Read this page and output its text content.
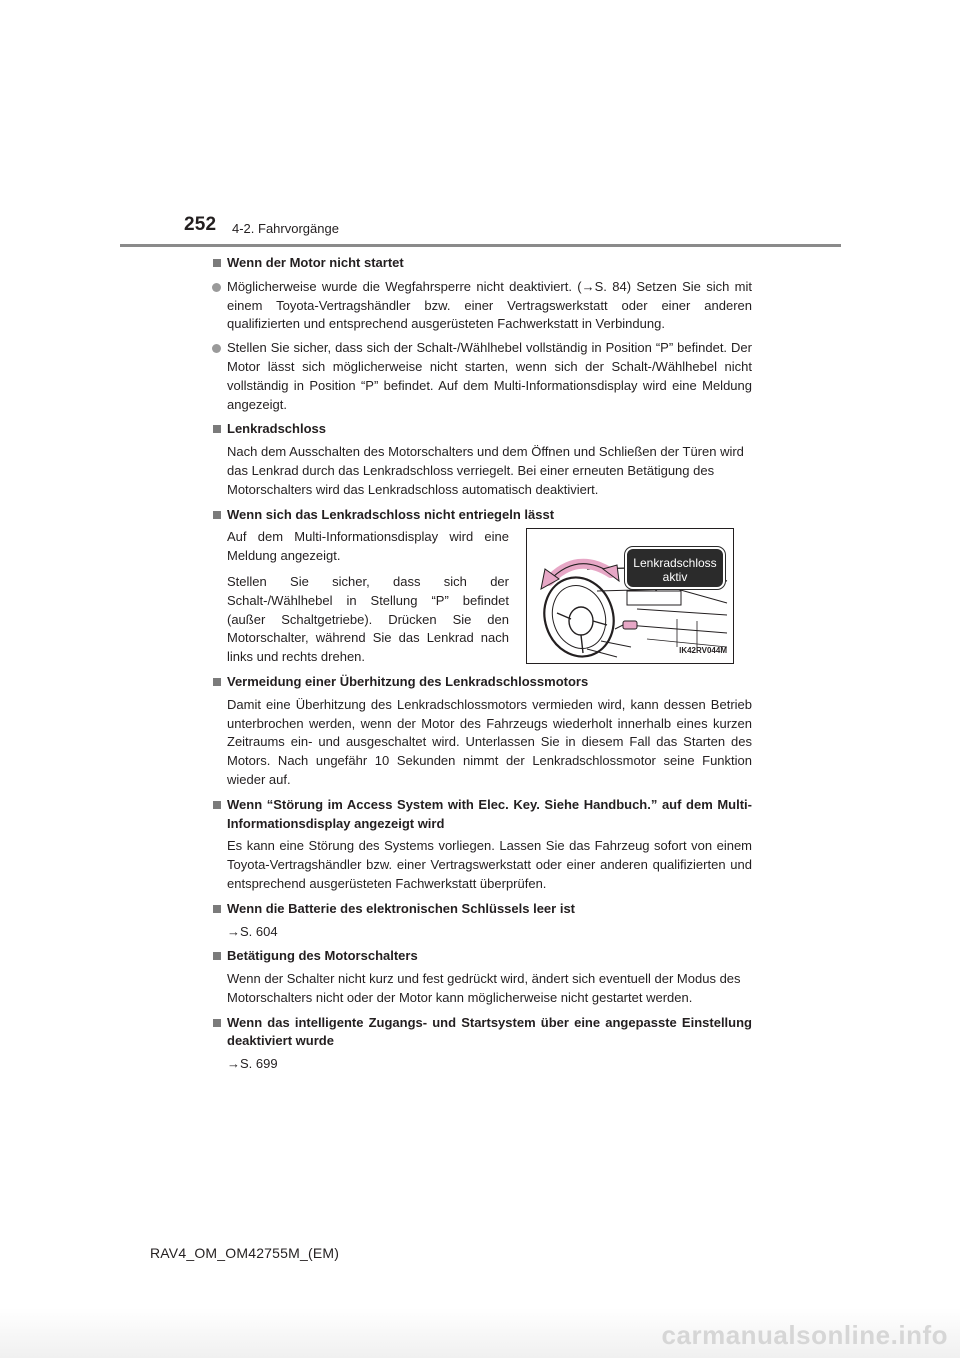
252 4-2. Fahrvorgänge
Wenn der Motor nicht startet
Möglicherweise wurde die Wegfahrsperre nicht deaktiviert. (→S. 84) Setzen Sie sich mit einem Toyota-Vertragshändler bzw. einer Vertragswerkstatt oder einer anderen qualifizierten und entsprechend ausgerüsteten Fachwerkstatt in Verbindung.
Stellen Sie sicher, dass sich der Schalt-/Wählhebel vollständig in Position “P” befindet. Der Motor lässt sich möglicherweise nicht starten, wenn sich der Schalt-/Wählhebel nicht vollständig in Position “P” befindet. Auf dem Multi-Informationsdisplay wird eine Meldung angezeigt.
Lenkradschloss

Nach dem Ausschalten des Motorschalters und dem Öffnen und Schließen der Türen wird das Lenkrad durch das Lenkradschloss verriegelt. Bei einer erneuten Betätigung des Motorschalters wird das Lenkradschloss automatisch deaktiviert.

Wenn sich das Lenkradschloss nicht entriegeln lässt

Auf dem Multi-Informationsdisplay wird eine Meldung angezeigt.

Stellen Sie sicher, dass sich der Schalt-/Wählhebel in Stellung “P” befindet (außer Schaltgetriebe). Drücken Sie den Motorschalter, während Sie das Lenkrad nach links und rechts drehen.

Lenkradschloss
aktiv
IK42RV044M
Vermeidung einer Überhitzung des Lenkradschlossmotors

Damit eine Überhitzung des Lenkradschlossmotors vermieden wird, kann dessen Betrieb unterbrochen werden, wenn der Motor des Fahrzeugs wiederholt innerhalb eines kurzen Zeitraums ein- und ausgeschaltet wird. Unterlassen Sie in diesem Fall das Starten des Motors. Nach ungefähr 10 Sekunden nimmt der Lenkradschlossmotor seine Funktion wieder auf.

Wenn “Störung im Access System with Elec. Key. Siehe Handbuch.” auf dem Multi-Informationsdisplay angezeigt wird

Es kann eine Störung des Systems vorliegen. Lassen Sie das Fahrzeug sofort von einem Toyota-Vertragshändler bzw. einer Vertragswerkstatt oder einer anderen qualifizierten und entsprechend ausgerüsteten Fachwerkstatt überprüfen.

Wenn die Batterie des elektronischen Schlüssels leer ist

→S. 604

Betätigung des Motorschalters

Wenn der Schalter nicht kurz und fest gedrückt wird, ändert sich eventuell der Modus des Motorschalters nicht oder der Motor kann möglicherweise nicht gestartet werden.

Wenn das intelligente Zugangs- und Startsystem über eine angepasste Einstellung deaktiviert wurde

→S. 699

RAV4_OM_OM42755M_(EM)
carmanualsonline.info
